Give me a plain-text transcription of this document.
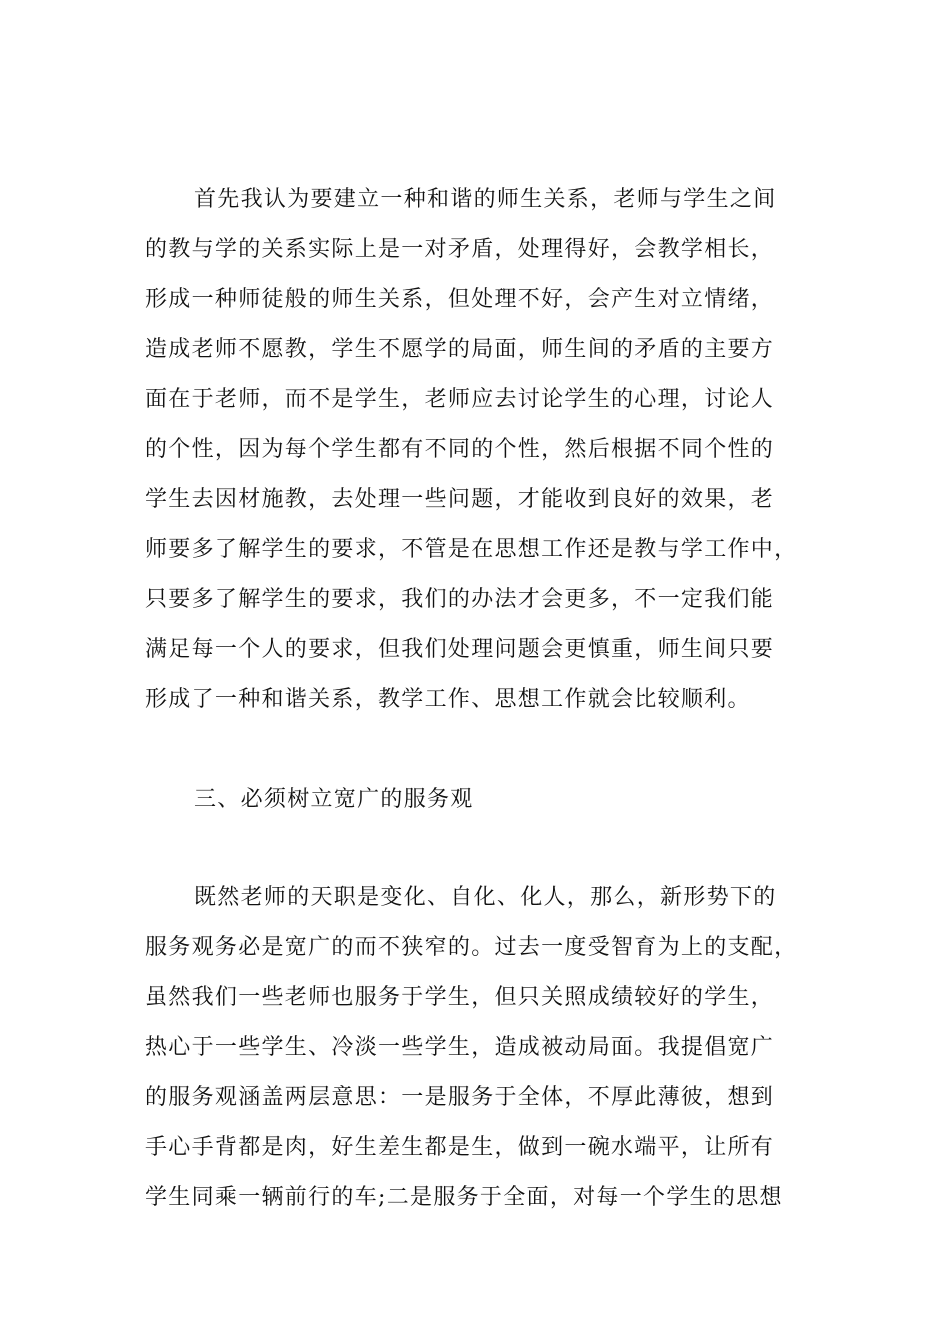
首先我认为要建立一种和谐的师生关系，老师与学生之间
的教与学的关系实际上是一对矛盾，处理得好，会教学相长，
形成一种师徒般的师生关系，但处理不好，会产生对立情绪，
造成老师不愿教，学生不愿学的局面，师生间的矛盾的主要方
面在于老师，而不是学生，老师应去讨论学生的心理，讨论人
的个性，因为每个学生都有不同的个性，然后根据不同个性的
学生去因材施教，去处理一些问题，才能收到良好的效果，老
师要多了解学生的要求，不管是在思想工作还是教与学工作中，
只要多了解学生的要求，我们的办法才会更多，不一定我们能
满足每一个人的要求，但我们处理问题会更慎重，师生间只要
形成了一种和谐关系，教学工作、思想工作就会比较顺利。
三、必须树立宽广的服务观
既然老师的天职是变化、自化、化人，那么，新形势下的
服务观务必是宽广的而不狭窄的。过去一度受智育为上的支配，
虽然我们一些老师也服务于学生，但只关照成绩较好的学生，
热心于一些学生、冷淡一些学生，造成被动局面。我提倡宽广
的服务观涵盖两层意思：一是服务于全体，不厚此薄彼，想到
手心手背都是肉，好生差生都是生，做到一碗水端平，让所有
学生同乘一辆前行的车;二是服务于全面，对每一个学生的思想
